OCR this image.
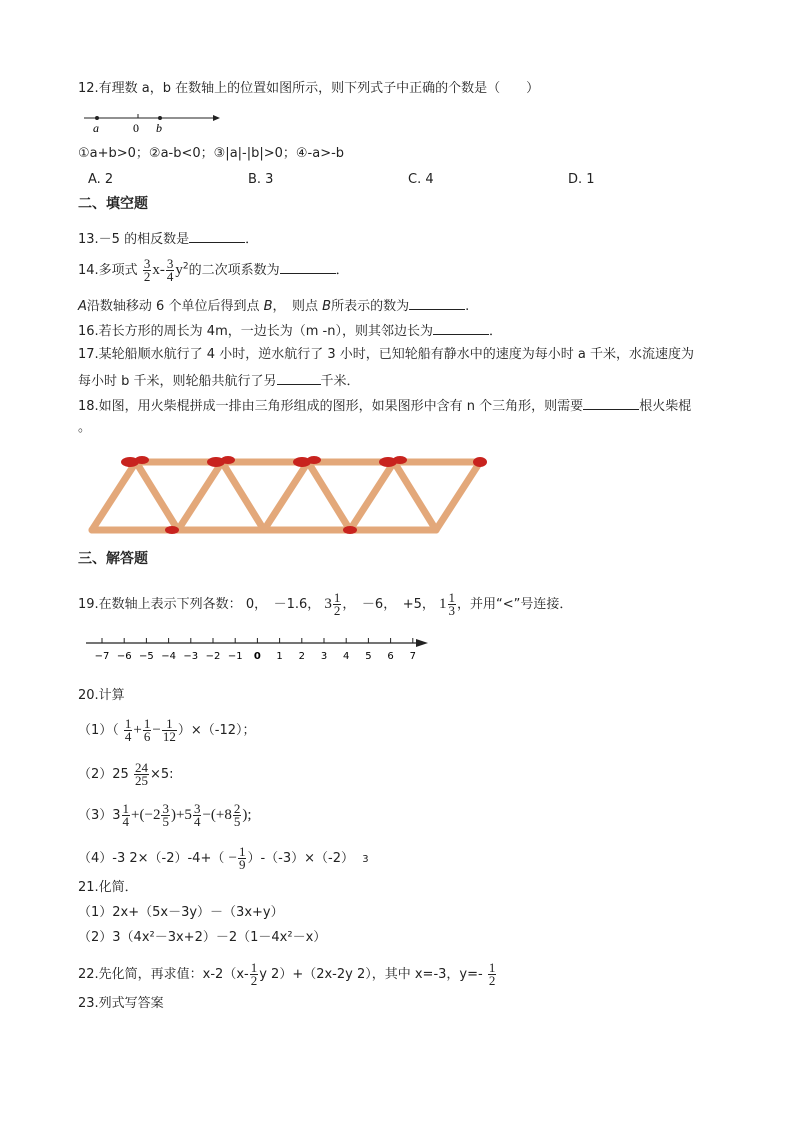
12.有理数 a，b 在数轴上的位置如图所示，则下列式子中正确的个数是（　　）
a	0 b
①a+b>0；②a-b<0；③|a|-|b|>0；④-a>-b
A. 2	B. 3	C. 4	D. 1
二、填空题
13.－5 的相反数是	．
14.多项式 $\frac{3}{2} x- \frac{3}{4} y^2$的二次项系数为	．
A沿数轴移动 6 个单位后得到点 B，　则点 B所表示的数为	.
16.若长方形的周长为 4m，一边长为（m -n），则其邻边长为	．
17.某轮船顺水航行了 4 小时，逆水航行了 3 小时，已知轮船有静水中的速度为每小时 a 千米，水流速度为
每小时 b 千米，则轮船共航行了另	千米．
18.如图，用火柴棍拼成一排由三角形组成的图形，如果图形中含有 n 个三角形，则需要	根火柴棍
。
三、解答题
19.在数轴上表示下列各数： 0，　－1.6， $3 \frac{1}{2}$ ，　－6，　+5， $1 \frac{1}{3}$ ，并用“<”号连接．
−7 −6 −5 −4 −3 −2 −1 0 1 2 3 4 5 6 7
20.计算
$(1)( \frac{1}{4} + \frac{1}{6} - \frac{1}{12} )\times(-12)$；
$(2)25 \frac{24}{25} \times 5$:
$(3)3 \frac{1}{4} +(-2 \frac{3}{5} )+5 \frac{3}{4} -(+8 \frac{2}{5}$ );
（4）-3 $2\times(-2)-4+( - \frac{1}{9} )-(-3)\times(-2)$ 3
21.化简．
（1）2x+（5x－3y）－（3x+y）
（2）3（4x²－3x+2）－2（1－4x²－x）
22.先化简，再求值：$x-2(x- \frac{1}{2}$ y 2）+（2x-2y 2），其中 x=-3，$y=- \frac{1}{2}$
23.列式写答案
